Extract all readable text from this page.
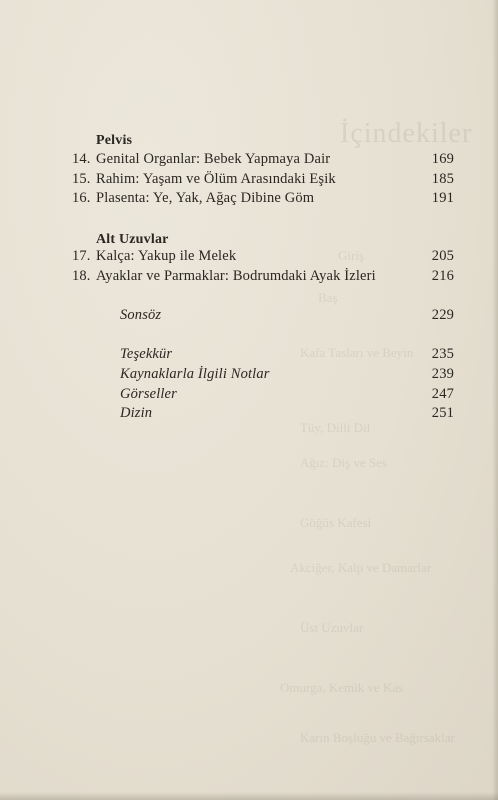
Pelvis
14. Genital Organlar: Bebek Yapmaya Dair	169
15. Rahim: Yaşam ve Ölüm Arasındaki Eşik	185
16. Plasenta: Ye, Yak, Ağaç Dibine Göm	191
Alt Uzuvlar
17. Kalça: Yakup ile Melek	205
18. Ayaklar ve Parmaklar: Bodrumdaki Ayak İzleri	216
Sonsöz	229
Teşekkür	235
Kaynaklarla İlgili Notlar	239
Görseller	247
Dizin	251
